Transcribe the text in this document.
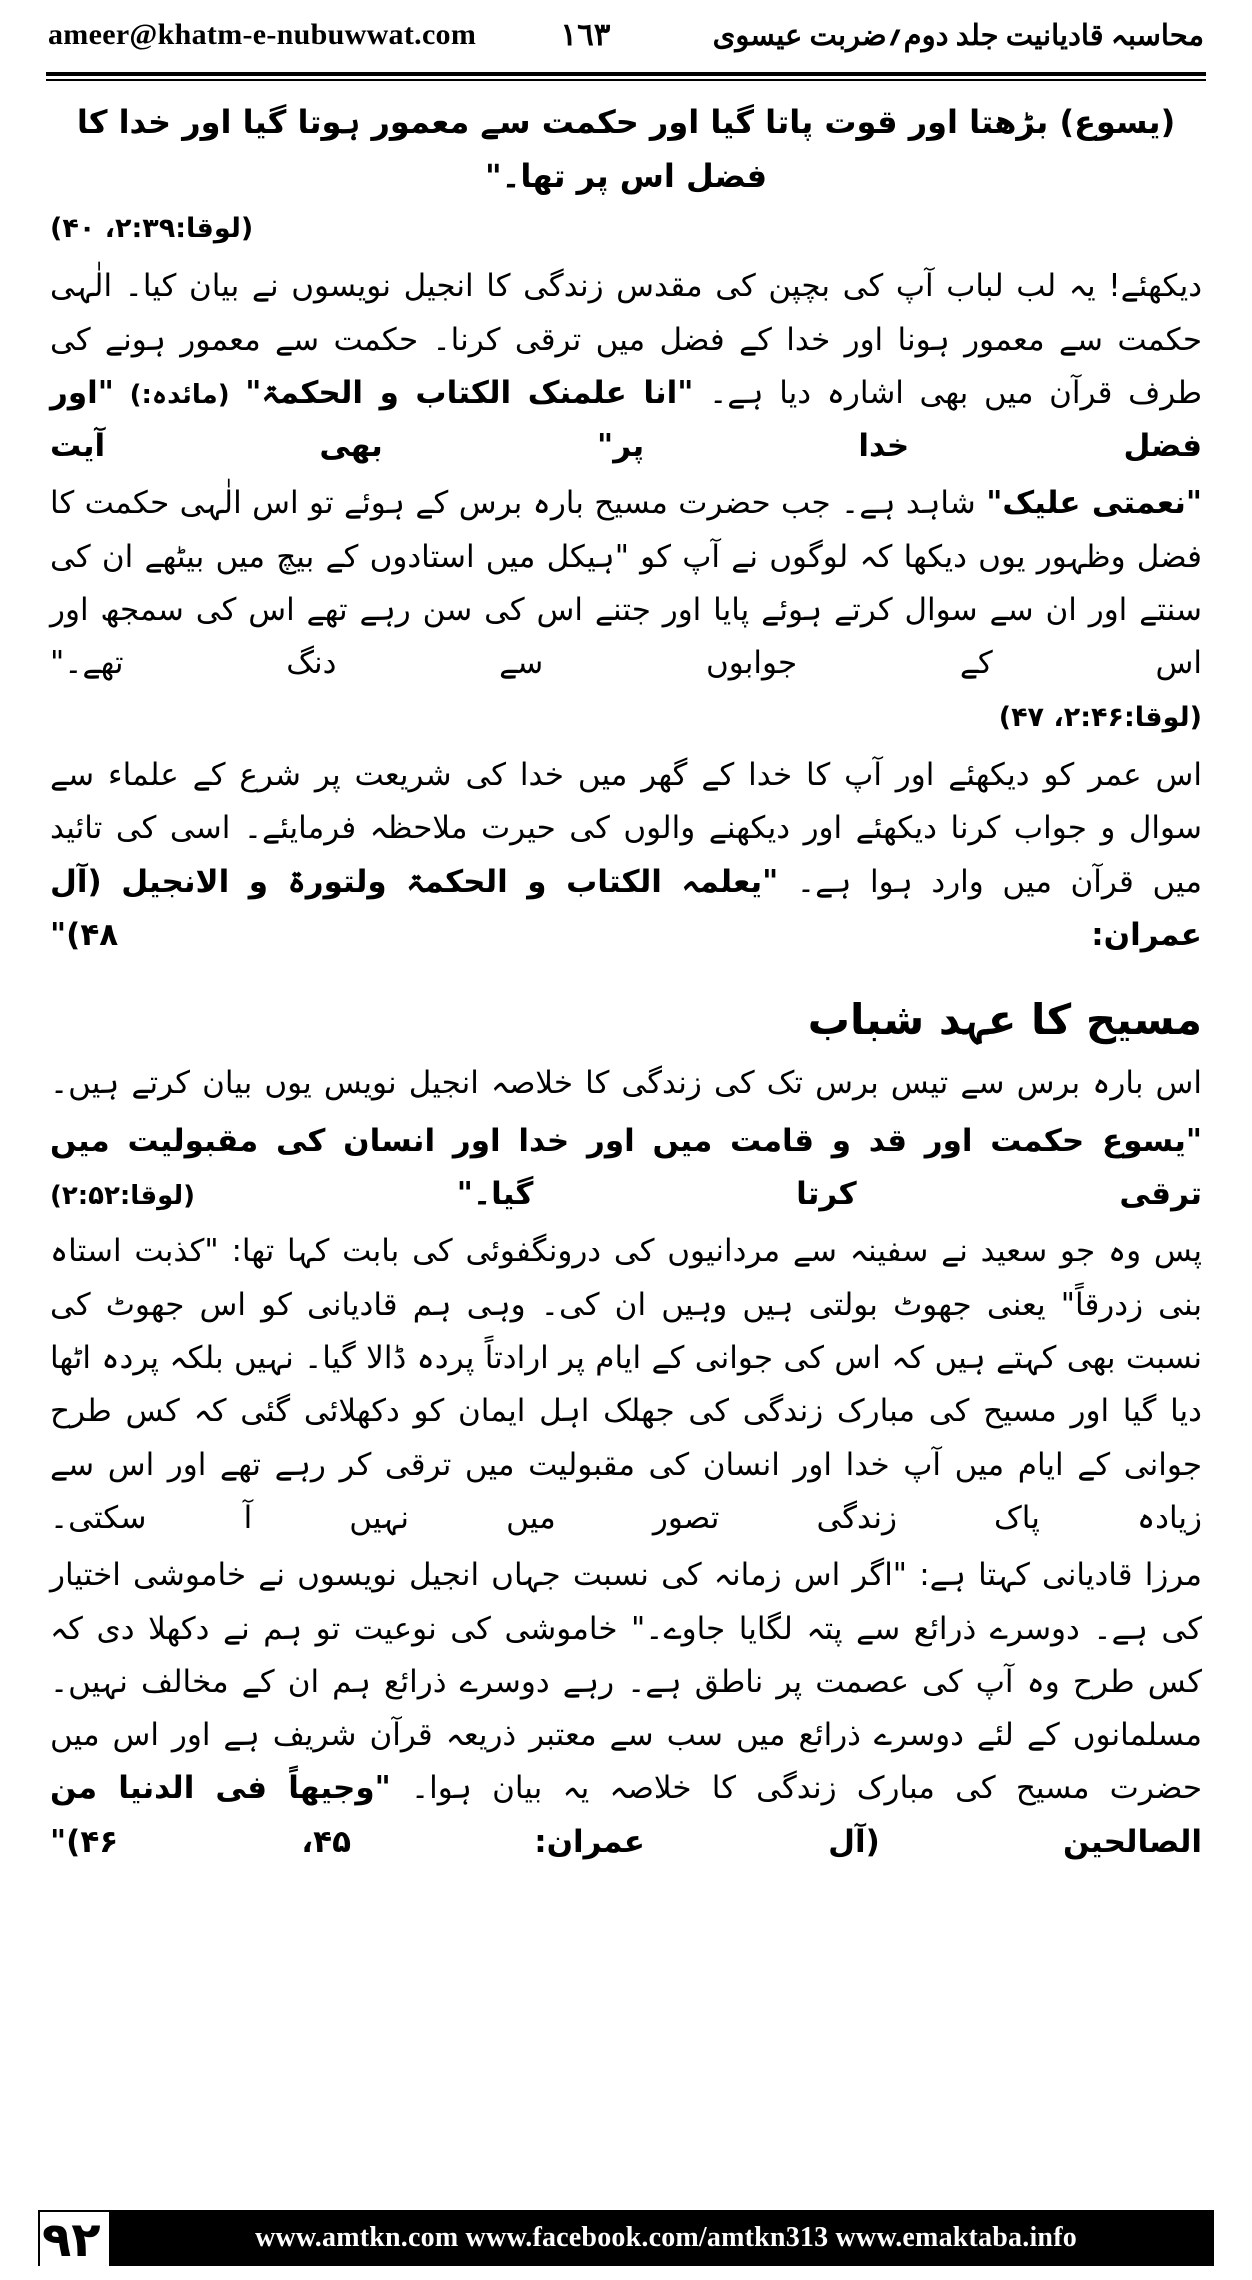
ameer@khatm-e-nubuwwat.com	١٦٣	محاسبہ قادیانیت جلد دوم؍ضربت عیسوی

(یسوع) بڑھتا اور قوت پاتا گیا اور حکمت سے معمور ہوتا گیا اور خدا کا فضل اس پر تھا۔"

(لوقا:۲:۳۹، ۴۰)

دیکھئے! یہ لب لباب آپ کی بچپن کی مقدس زندگی کا انجیل نویسوں نے بیان کیا۔ الٰہی حکمت سے معمور ہونا اور خدا کے فضل میں ترقی کرنا۔ حکمت سے معمور ہونے کی طرف قرآن میں بھی اشارہ دیا ہے۔ "انا علمنک الکتاب و الحکمۃ" (مائدہ:) "اور فضل خدا پر" بھی آیت

"نعمتی علیک" شاہد ہے۔ جب حضرت مسیح بارہ برس کے ہوئے تو اس الٰہی حکمت کا فضل وظہور یوں دیکھا کہ لوگوں نے آپ کو "ہیکل میں استادوں کے بیچ میں بیٹھے ان کی سنتے اور ان سے سوال کرتے ہوئے پایا اور جتنے اس کی سن رہے تھے اس کی سمجھ اور اس کے جوابوں سے دنگ تھے۔"

(لوقا:۲:۴۶، ۴۷)

اس عمر کو دیکھئے اور آپ کا خدا کے گھر میں خدا کی شریعت پر شرع کے علماء سے سوال و جواب کرنا دیکھئے اور دیکھنے والوں کی حیرت ملاحظہ فرمایئے۔ اسی کی تائید میں قرآن میں وارد ہوا ہے۔ "یعلمہ الکتاب و الحکمۃ ولتورۃ و الانجیل (آل عمران: ۴۸)"

مسیح کا عہد شباب

اس بارہ برس سے تیس برس تک کی زندگی کا خلاصہ انجیل نویس یوں بیان کرتے ہیں۔

"یسوع حکمت اور قد و قامت میں اور خدا اور انسان کی مقبولیت میں ترقی کرتا گیا۔" (لوقا:۲:۵۲)

پس وہ جو سعید نے سفینہ سے مردانیوں کی درونگفوئی کی بابت کہا تھا: "کذبت استاہ بنی زدرقاً" یعنی جھوٹ بولتی ہیں وہیں ان کی۔ وہی ہم قادیانی کو اس جھوٹ کی نسبت بھی کہتے ہیں کہ اس کی جوانی کے ایام پر ارادتاً پردہ ڈالا گیا۔ نہیں بلکہ پردہ اٹھا دیا گیا اور مسیح کی مبارک زندگی کی جھلک اہل ایمان کو دکھلائی گئی کہ کس طرح جوانی کے ایام میں آپ خدا اور انسان کی مقبولیت میں ترقی کر رہے تھے اور اس سے زیادہ پاک زندگی تصور میں نہیں آ سکتی۔

مرزا قادیانی کہتا ہے: "اگر اس زمانہ کی نسبت جہاں انجیل نویسوں نے خاموشی اختیار کی ہے۔ دوسرے ذرائع سے پتہ لگایا جاوے۔" خاموشی کی نوعیت تو ہم نے دکھلا دی کہ کس طرح وہ آپ کی عصمت پر ناطق ہے۔ رہے دوسرے ذرائع ہم ان کے مخالف نہیں۔ مسلمانوں کے لئے دوسرے ذرائع میں سب سے معتبر ذریعہ قرآن شریف ہے اور اس میں حضرت مسیح کی مبارک زندگی کا خلاصہ یہ بیان ہوا۔ "وجیھاً فی الدنیا من الصالحین (آل عمران: ۴۵، ۴۶)"

۹۲	www.amtkn.com www.facebook.com/amtkn313 www.emaktaba.info
